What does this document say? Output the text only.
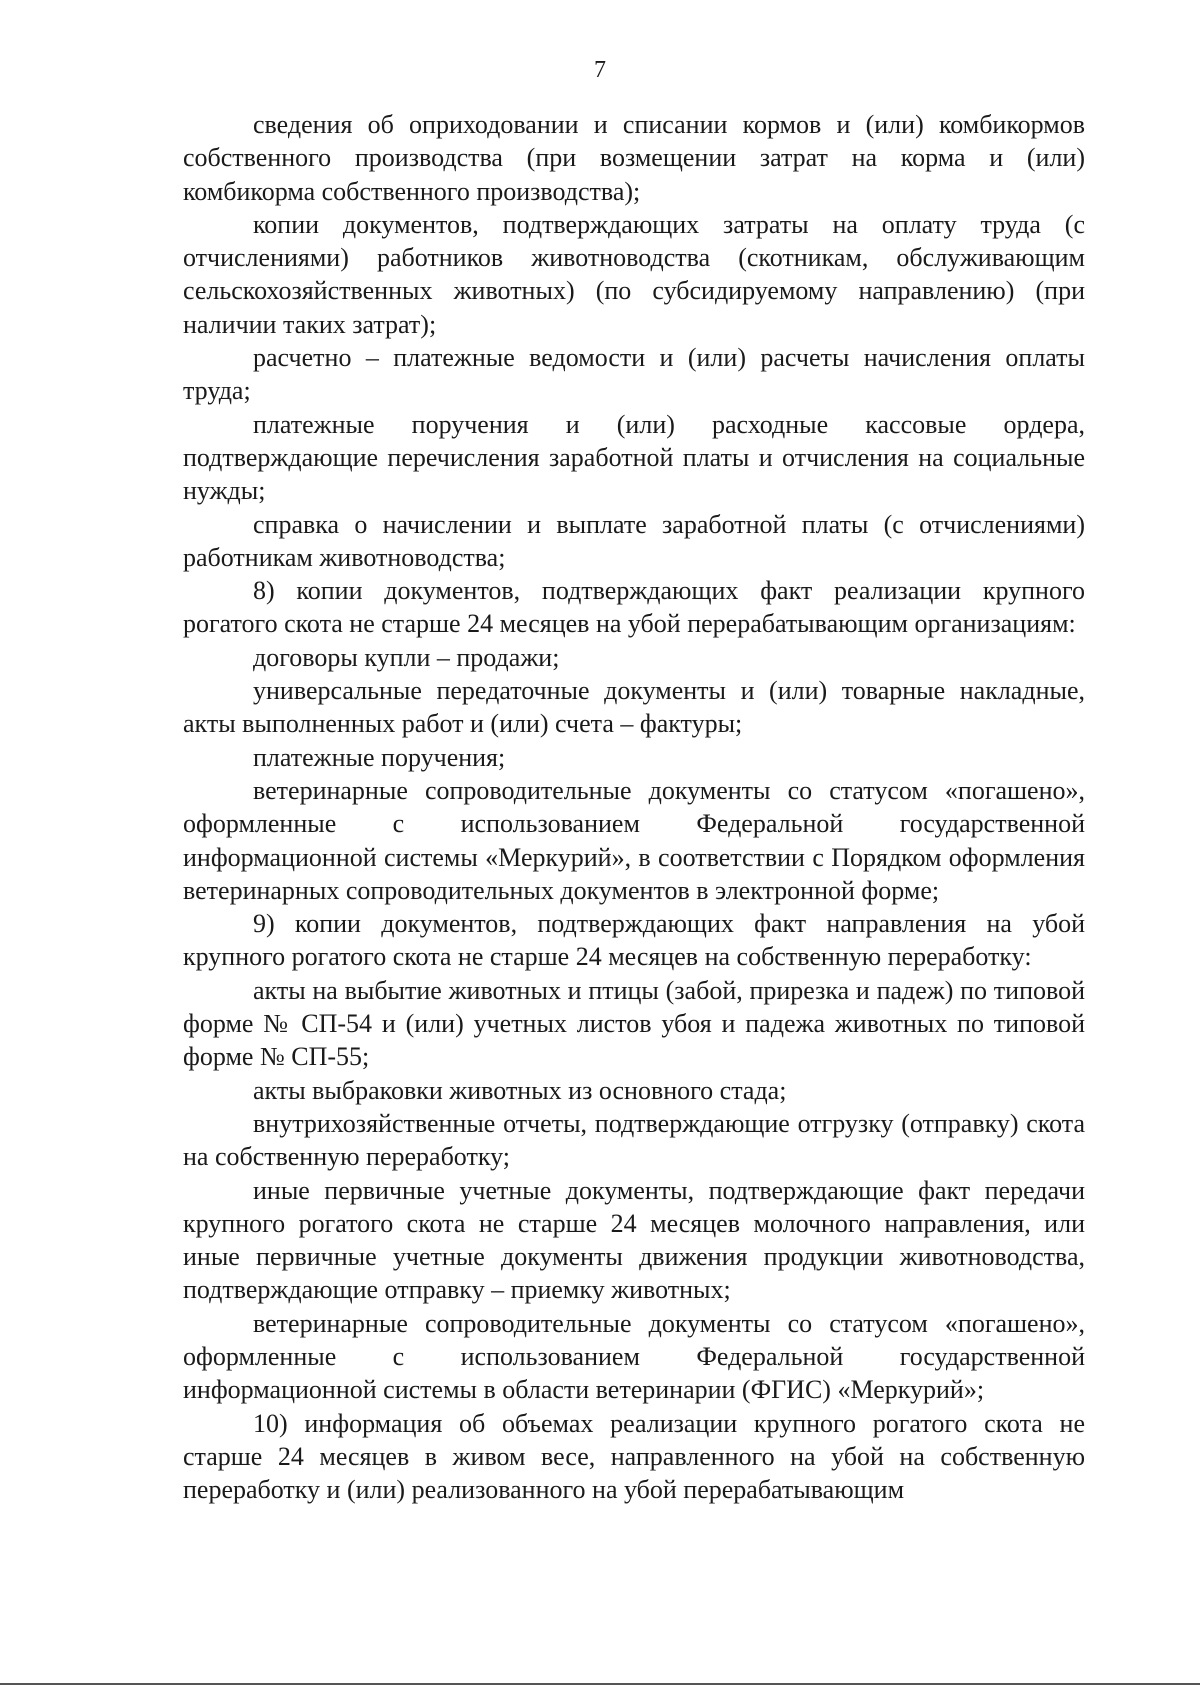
7

сведения об оприходовании и списании кормов и (или) комбикормов собственного производства (при возмещении затрат на корма и (или) комбикорма собственного производства);

копии документов, подтверждающих затраты на оплату труда (с отчислениями) работников животноводства (скотникам, обслуживающим сельскохозяйственных животных) (по субсидируемому направлению) (при наличии таких затрат);

расчетно – платежные ведомости и (или) расчеты начисления оплаты труда;

платежные поручения и (или) расходные кассовые ордера, подтверждающие перечисления заработной платы и отчисления на социальные нужды;

справка о начислении и выплате заработной платы (с отчислениями) работникам животноводства;

8) копии документов, подтверждающих факт реализации крупного рогатого скота не старше 24 месяцев на убой перерабатывающим организациям:

договоры купли – продажи;

универсальные передаточные документы и (или) товарные накладные, акты выполненных работ и (или) счета – фактуры;

платежные поручения;

ветеринарные сопроводительные документы со статусом «погашено», оформленные с использованием Федеральной государственной информационной системы «Меркурий», в соответствии с Порядком оформления ветеринарных сопроводительных документов в электронной форме;

9) копии документов, подтверждающих факт направления на убой крупного рогатого скота не старше 24 месяцев на собственную переработку:

акты на выбытие животных и птицы (забой, прирезка и падеж) по типовой форме № СП-54 и (или) учетных листов убоя и падежа животных по типовой форме № СП-55;

акты выбраковки животных из основного стада;

внутрихозяйственные отчеты, подтверждающие отгрузку (отправку) скота на собственную переработку;

иные первичные учетные документы, подтверждающие факт передачи крупного рогатого скота не старше 24 месяцев молочного направления, или иные первичные учетные документы движения продукции животноводства, подтверждающие отправку – приемку животных;

ветеринарные сопроводительные документы со статусом «погашено», оформленные с использованием Федеральной государственной информационной системы в области ветеринарии (ФГИС) «Меркурий»;

10) информация об объемах реализации крупного рогатого скота не старше 24 месяцев в живом весе, направленного на убой на собственную переработку и (или) реализованного на убой перерабатывающим
